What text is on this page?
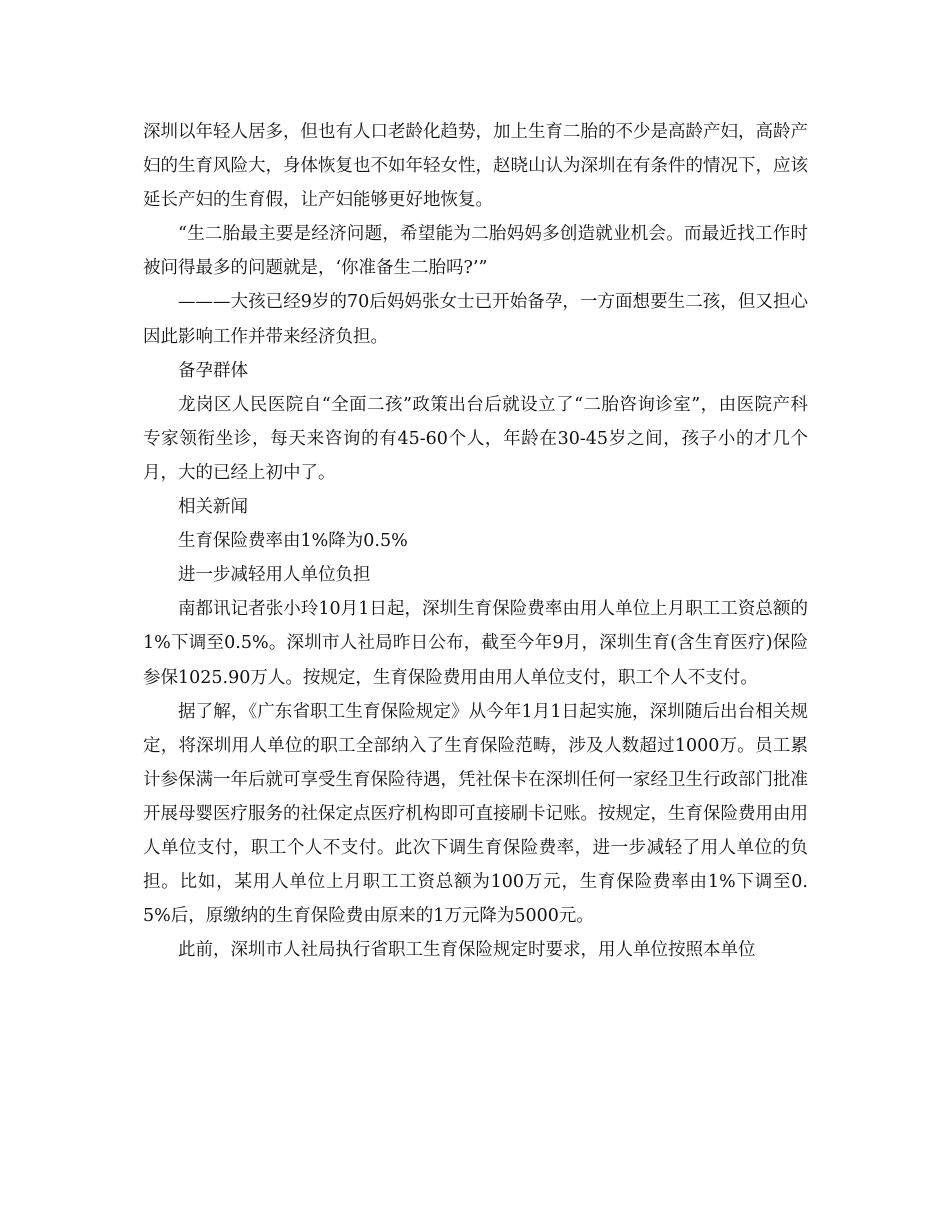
深圳以年轻人居多，但也有人口老龄化趋势，加上生育二胎的不少是高龄产妇，高龄产妇的生育风险大，身体恢复也不如年轻女性，赵晓山认为深圳在有条件的情况下，应该延长产妇的生育假，让产妇能够更好地恢复。

“生二胎最主要是经济问题，希望能为二胎妈妈多创造就业机会。而最近找工作时被问得最多的问题就是，‘你准备生二胎吗?’”

———大孩已经9岁的70后妈妈张女士已开始备孕，一方面想要生二孩，但又担心因此影响工作并带来经济负担。

备孕群体

龙岗区人民医院自“全面二孩”政策出台后就设立了“二胎咨询诊室”，由医院产科专家领衔坐诊，每天来咨询的有45-60个人，年龄在30-45岁之间，孩子小的才几个月，大的已经上初中了。

相关新闻

生育保险费率由1%降为0.5%

进一步减轻用人单位负担

南都讯记者张小玲10月1日起，深圳生育保险费率由用人单位上月职工工资总额的1%下调至0.5%。深圳市人社局昨日公布，截至今年9月，深圳生育(含生育医疗)保险参保1025.90万人。按规定，生育保险费用由用人单位支付，职工个人不支付。

据了解，《广东省职工生育保险规定》从今年1月1日起实施，深圳随后出台相关规定，将深圳用人单位的职工全部纳入了生育保险范畴，涉及人数超过1000万。员工累计参保满一年后就可享受生育保险待遇，凭社保卡在深圳任何一家经卫生行政部门批准开展母婴医疗服务的社保定点医疗机构即可直接刷卡记账。按规定，生育保险费用由用人单位支付，职工个人不支付。此次下调生育保险费率，进一步减轻了用人单位的负担。比如，某用人单位上月职工工资总额为100万元，生育保险费率由1%下调至0.5%后，原缴纳的生育保险费由原来的1万元降为5000元。

此前，深圳市人社局执行省职工生育保险规定时要求，用人单位按照本单位
